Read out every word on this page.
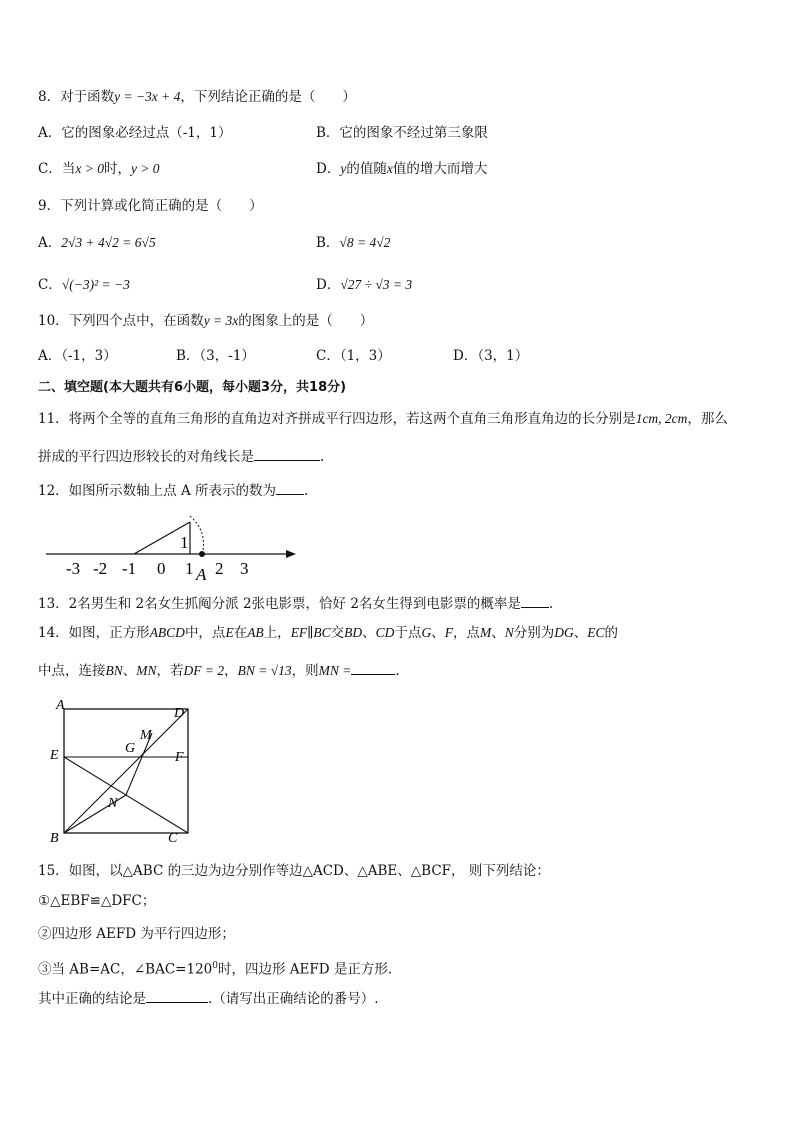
8．对于函数y = −3x + 4，下列结论正确的是（　　）
A．它的图象必经过点（-1，1）	B．它的图象不经过第三象限
C．当x > 0时，y > 0	D．y的值随x值的增大而增大
9．下列计算或化简正确的是（　　）
A．2√3 + 4√2 = 6√5	B．√8 = 4√2
C．√(−3)² = −3	D．√27 ÷ √3 = 3
10．下列四个点中，在函数y = 3x的图象上的是（　　）
A．（-1，3）	B．（3，-1）	C．（1，3）	D．（3，1）
二、填空题(本大题共有6小题，每小题3分，共18分)
11．将两个全等的直角三角形的直角边对齐拼成平行四边形，若这两个直角三角形直角边的长分别是1cm, 2cm，那么
拼成的平行四边形较长的对角线长是	.
12．如图所示数轴上点 A 所表示的数为 .
1
-3 -2 -1 0 1 2 3
A
13．2名男生和 2名女生抓阄分派 2张电影票，恰好 2名女生得到电影票的概率是 .
14．如图，正方形ABCD中，点E在AB上，EF∥BC交BD、CD于点G、F，点M、N分别为DG、EC的
中点，连接BN、MN，若DF = 2，BN = √13，则MN =	.
A
D
E	F
G
M
N
B	C
15．如图，以△ABC 的三边为边分别作等边△ACD、△ABE、△BCF， 则下列结论：
①△EBF≌△DFC；
②四边形 AEFD 为平行四边形；
③当 AB=AC，$\angle BAC=120^0$时，四边形 AEFD 是正方形.
其中正确的结论是	.（请写出正确结论的番号）.
